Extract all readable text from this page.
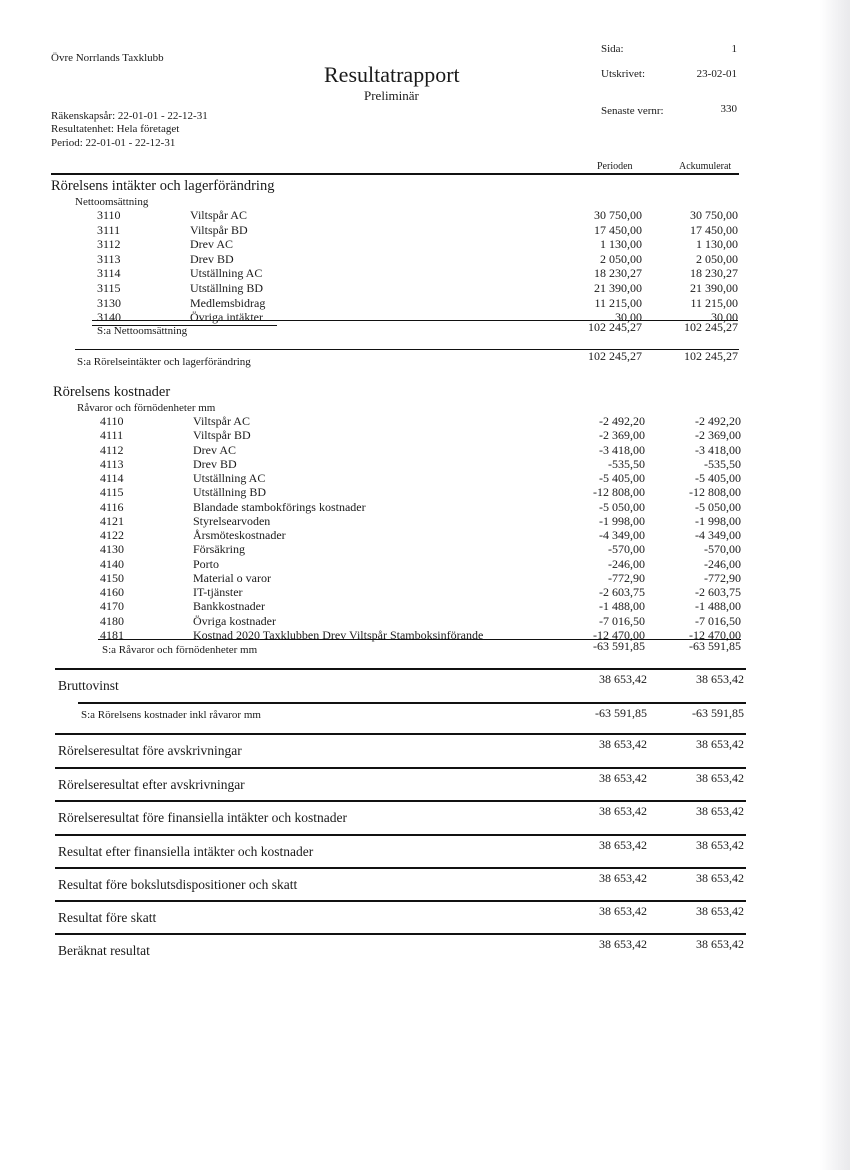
Övre Norrlands Taxklubb
Resultatrapport
Preliminär
Sida:	1
Utskrivet:	23-02-01
Senaste vernr:	330
Räkenskapsår: 22-01-01 - 22-12-31
Resultatenhet: Hela företaget
Period: 22-01-01 - 22-12-31
Perioden	Ackumulerat
Rörelsens intäkter och lagerförändring
Nettoomsättning
3110	Viltspår AC	30 750,00	30 750,00
3111	Viltspår BD	17 450,00	17 450,00
3112	Drev AC	1 130,00	1 130,00
3113	Drev BD	2 050,00	2 050,00
3114	Utställning AC	18 230,27	18 230,27
3115	Utställning BD	21 390,00	21 390,00
3130	Medlemsbidrag	11 215,00	11 215,00
3140	Övriga intäkter	30,00	30,00
S:a Nettoomsättning	102 245,27	102 245,27
S:a Rörelseintäkter och lagerförändring	102 245,27	102 245,27
Rörelsens kostnader
Råvaror och förnödenheter mm
4110	Viltspår AC	-2 492,20	-2 492,20
4111	Viltspår BD	-2 369,00	-2 369,00
4112	Drev AC	-3 418,00	-3 418,00
4113	Drev BD	-535,50	-535,50
4114	Utställning AC	-5 405,00	-5 405,00
4115	Utställning BD	-12 808,00	-12 808,00
4116	Blandade stambokförings kostnader	-5 050,00	-5 050,00
4121	Styrelsearvoden	-1 998,00	-1 998,00
4122	Årsmöteskostnader	-4 349,00	-4 349,00
4130	Försäkring	-570,00	-570,00
4140	Porto	-246,00	-246,00
4150	Material o varor	-772,90	-772,90
4160	IT-tjänster	-2 603,75	-2 603,75
4170	Bankkostnader	-1 488,00	-1 488,00
4180	Övriga kostnader	-7 016,50	-7 016,50
4181	Kostnad 2020 Taxklubben Drev Viltspår Stamboksinförande	-12 470,00	-12 470,00
S:a Råvaror och förnödenheter mm	-63 591,85	-63 591,85
Bruttovinst	38 653,42	38 653,42
S:a Rörelsens kostnader inkl råvaror mm	-63 591,85	-63 591,85
Rörelseresultat före avskrivningar	38 653,42	38 653,42
Rörelseresultat efter avskrivningar	38 653,42	38 653,42
Rörelseresultat före finansiella intäkter och kostnader	38 653,42	38 653,42
Resultat efter finansiella intäkter och kostnader	38 653,42	38 653,42
Resultat före bokslutsdispositioner och skatt	38 653,42	38 653,42
Resultat före skatt	38 653,42	38 653,42
Beräknat resultat	38 653,42	38 653,42
